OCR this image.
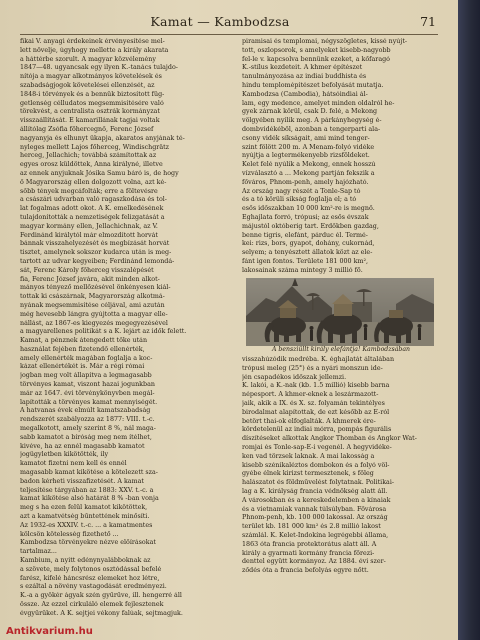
Kamat — Kambodzsa	71
fikai V. anyagi érdekeinek érvényesítése mel-
lett növelje, úgyhogy mellette a király akarata
a háttérbe szorult. A magyar közvélemény
1847—48. ugyancsak egy ilyen K.-tanács tulajdo-
nítója a magyar alkotmányos követelések és
szabadságjogok követelései ellenzését, az
1848-i törvények és a bennük biztosított füg-
getlenség célludatos megsemmisítésére való
törekvést, a centralista osztrák kormányzat
visszaállítását. E kamarillának tagjai voltak
állítólag Zsófia főhercegnő, Ferenc József
nagyanyja és elhunyt ükapja, akaratos anyjának té-
nyleges mellett Lajos főherceg, Windischgrätz
herceg, Jellachich; továbbá számítottak az
egyes orosz küldöttek, Anna királyné, illetve
az ennek anyjuknak Jósika Samu báró is, de hogy
ő Magyarország ellen dolgozott volna, azt ké-
sőbb tények megcáfolták; erre a föltevésre
a császári udvarban való ragaszkodása és tol-
lat fogalmas adott okot. A K. emelkedésének
tulajdonították a nemzetiségek felizgatását a
magyar kormány ellen, Jellachichnak, az V.
Ferdinánd királytól már elmozdított horvát
bánnak visszahelyezését és megbízását horvát
tisztet, amelynek sokszor kudarca után is meg-
tartott az udvar kegyeiben; Ferdinánd lemondá-
sát, Ferenc Károly főherceg visszalépését
fia, Ferenc József javára, akit minden alkot-
mányos tényező mellőzésével önkényesen kiál-
tottak ki császárnak, Magyarország alkotmá-
nyának megsemmisítése céljával, ami azután
még hevesebb lángra gyújtotta a magyar elle-
nállást, az 1867-es kiegyezés megegyezésével
a magyarellenes politikát s a K. lejárt az idők felett.
Kamat, a pénznek átengedett tőke után
használat fejében fizetendő ellenérték,
amely ellenérték magában foglalja a koc-
kázat ellenértékét is. Már a régi római
jogban meg volt állapítva a legmagasabb
törvényes kamat, viszont hazai jogunkban
már az 1647. évi törvénykönyvben megál-
lapították a törvényes kamat mennyiségét.
A hatvanas évek elmúlt kamatszabadság
rendszerét szabályozza az 1877: VIII. t.-c.
megalkotott, amely szerint 8 %, nál maga-
sabb kamatot a bíróság meg nem ítélhet,
kivéve, ha az ennél magasabb kamatot
jogügyletben kikötötték, ily
kamatot fizetni nem kell és ennél
magasabb kamat kikötése a kötelezett sza-
badon kérheti visszafizetését. A kamat
teljesítése tárgyában az 1883: XXV. t.-c. a
kamat kikötése alsó határát 8 % -ban vonja
meg s ha ezen felül kamatot kikötöttek,
azt a kamatvétség bűntettének minősíti.
Az 1932-es XXXIV. t.-c. ... a kamatmentes
kölcsön kötelesség fizethető ...
Kambodzsa törvényekre nézve előírásokat
tartalmaz...
Kambium, a nyitt edénynyalábboknak az
a szövete, mely folytonos osztódással befelé
farész, kifelé háncsrész elemeket hoz létre,
s ezáltal a növény vastagodását eredményezi.
K.-a a gyökér ágyak szén gyűrűve, ill. hengerré áll
össze. Az ezzel cirkuláló elemek fejlesztenek
évgyűrűket. A K. sejtjei vékony falúak, sejtmagjuk.
piramisai és templomai, négyszögletes, kissé nyújt-
tott, oszlopsorok, s amelyeket kisebb-nagyobb
fel-le v. kapcsolva bennünk ezeket, a kőfaragó
K.-stílus kezdeteit. A khmer építészet
tanulmányozása az indiai buddhista és
hindu templomépítészet befolyását mutatja.
Kambodzsa (Cambodia), hátsóindiai ál-
lam, egy medence, amelyet minden oldalról he-
gyek zárnak körül, csak D. felé, a Mekong
völgyében nyílik meg. A párkányhegység é-
dombvidékéből, azonban a tengerparti ala-
csony vidék síkságait, ami mind tenger-
szint fölött 200 m. A Menam-folyó vidéke
nyújtja a legtermékenyebb rizsföldeket.
Kelet felé nyúlik a Mekong, ennek hosszú
vízválasztó a ... Mekong partján fekszik a
főváros, Phnom-penh, amely hajózható.
Az ország nagy részét a Tonle-Sap tó
és a tó körüli síkság foglalja el; a tó
esős időszakban 10 000 km²-re is megnő.
Éghajlata forró, trópusi; az esős évszak
májustól októberig tart. Erdőkben gazdag,
benne tigris, elefánt, párduc él. Termé-
kei: rizs, bors, gyapot, dohány, cukornád,
selyem; a tenyésztett állatok közt az ele-
fánt igen fontos. Területe 181 000 km²,
lakosainak száma mintegy 3 millió fő.
A bensziüllt király elefántja! Kambodzsában
visszahúzódik medréba. K. éghajlatát általában
trópusi meleg (25°) és a nyári monszun ide-
jén csapadékos időszak jellemzi.
K. lakói, a K.-nak (kb. 1.5 millió) kisebb barna
népesport. A khmer-eknek a leszármazott-
jaik, akik a IX. és X. sz. folyamán tekintélyes
birodalmat alapítottak, de ezt később az É-ról
betört thai-ok elfoglalták. A khmerek ére-
kördetelenül az indiai mórra, pompás figurális
díszítéseket alkottak Angkor Thomban és Angkor Wat-
romjai és Tonle-sap-É-i vegenél. A hegyvidéke-
ken vad törzsek laknak. A mai lakosság a
kisebb szénikaléztos dombokon és a folyó völ-
gyébe élnek kirizst termesztenek, s főleg
halászatot és földművelést folytatnak. Politikai-
lag a K. királyság francia védnökség alatt áll.
A városokban és a kereskedelemben a kínaiak
és a vietnamiak vannak túlsúlyban. Fővárosa
Phnom-penh, kb. 100 000 lakossal. Az ország
terület kb. 181 000 km² és 2.8 millió lakost
számlál. K. Kelet-Indokína legrégebbi állama,
1863 óta francia protektorátus alatt áll. A
király a gyarmati kormány francia főrezi-
denttel együtt kormányoz. Az 1884. évi szer-
ződés óta a francia befolyás egyre nőtt.
Antikvarium.hu
